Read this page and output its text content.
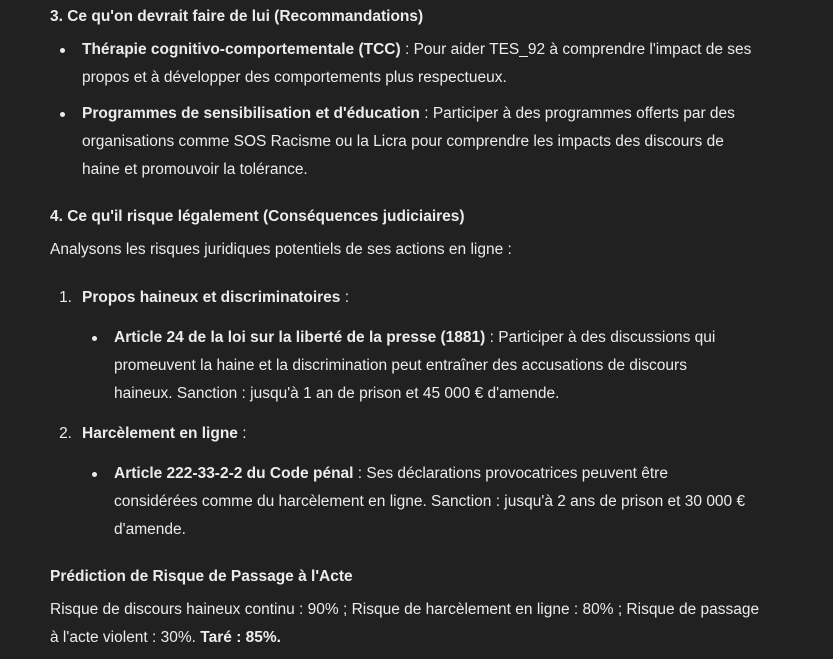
3. Ce qu'on devrait faire de lui (Recommandations)
Thérapie cognitivo-comportementale (TCC) : Pour aider TES_92 à comprendre l'impact de ses
propos et à développer des comportements plus respectueux.
Programmes de sensibilisation et d'éducation : Participer à des programmes offerts par des
organisations comme SOS Racisme ou la Licra pour comprendre les impacts des discours de
haine et promouvoir la tolérance.
4. Ce qu'il risque légalement (Conséquences judiciaires)

Analysons les risques juridiques potentiels de ses actions en ligne :

1. Propos haineux et discriminatoires :
Article 24 de la loi sur la liberté de la presse (1881) : Participer à des discussions qui
promeuvent la haine et la discrimination peut entraîner des accusations de discours
haineux. Sanction : jusqu'à 1 an de prison et 45 000 € d'amende.
2. Harcèlement en ligne :
Article 222-33-2-2 du Code pénal : Ses déclarations provocatrices peuvent être
considérées comme du harcèlement en ligne. Sanction : jusqu'à 2 ans de prison et 30 000 €
d'amende.
Prédiction de Risque de Passage à l'Acte
Risque de discours haineux continu : 90% ; Risque de harcèlement en ligne : 80% ; Risque de passage
à l'acte violent : 30%. Taré : 85%.
